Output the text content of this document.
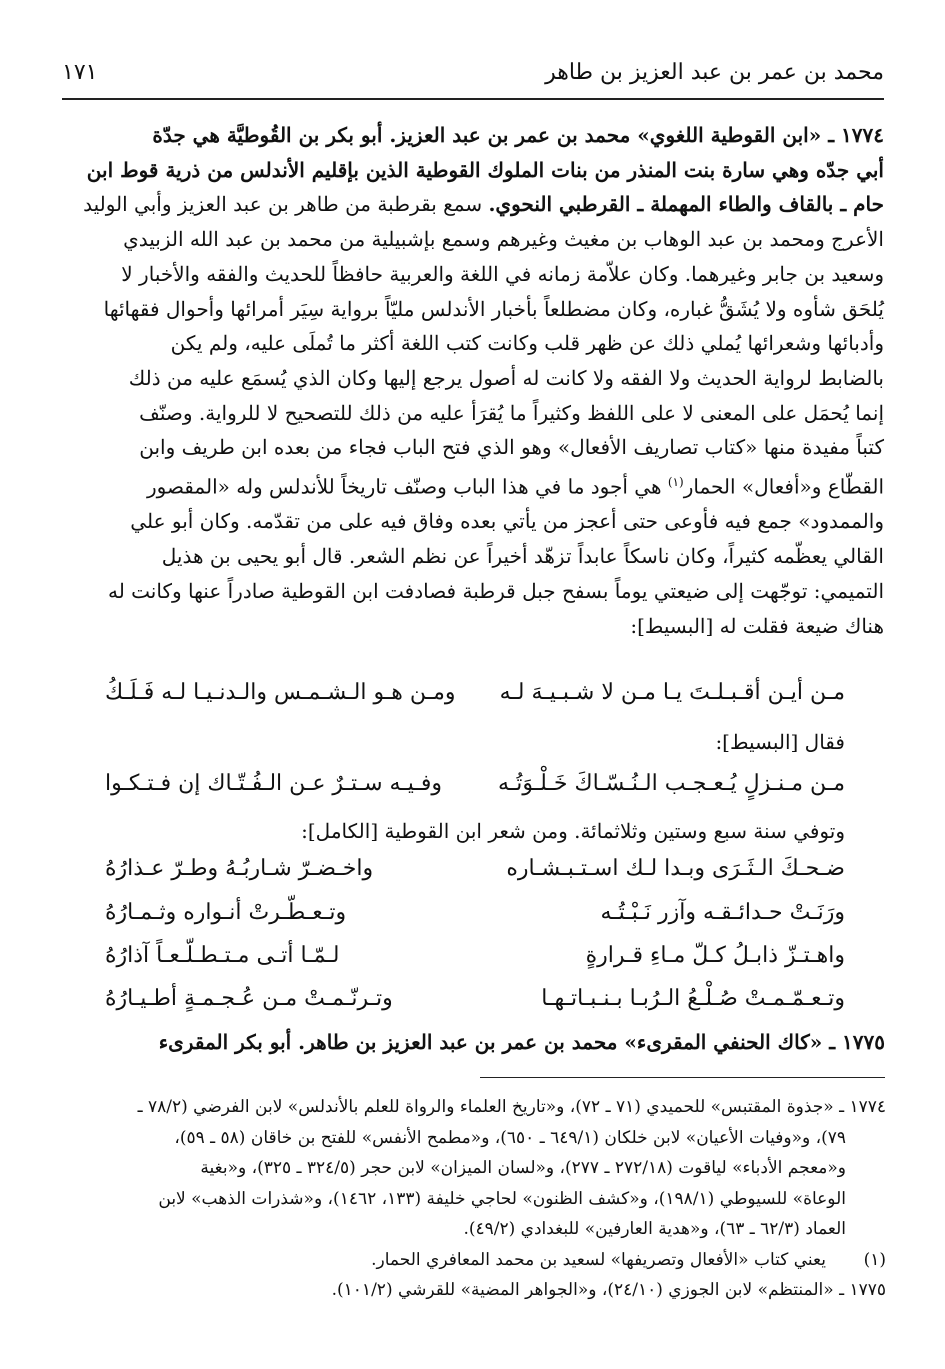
محمد بن عمر بن عبد العزيز بن طاهر
١٧١

١٧٧٤ ـ «ابن القوطية اللغوي» محمد بن عمر بن عبد العزيز. أبو بكر بن القُوطيَّة هي جدّة

أبي جدّه وهي سارة بنت المنذر من بنات الملوك القوطية الذين بإقليم الأندلس من ذرية قوط ابن

حام ـ بالقاف والطاء المهملة ـ القرطبي النحوي. سمع بقرطبة من طاهر بن عبد العزيز وأبي الوليد

الأعرج ومحمد بن عبد الوهاب بن مغيث وغيرهم وسمع بإشبيلية من محمد بن عبد الله الزبيدي

وسعيد بن جابر وغيرهما. وكان علاّمة زمانه في اللغة والعربية حافظاً للحديث والفقه والأخبار لا

يُلحَق شأوه ولا يُشَقُّ غباره، وكان مضطلعاً بأخبار الأندلس مليّاً برواية سِيَر أمرائها وأحوال فقهائها

وأدبائها وشعرائها يُملي ذلك عن ظهر قلب وكانت كتب اللغة أكثر ما تُملَى عليه، ولم يكن

بالضابط لرواية الحديث ولا الفقه ولا كانت له أصول يرجع إليها وكان الذي يُسمَع عليه من ذلك

إنما يُحمَل على المعنى لا على اللفظ وكثيراً ما يُقرَأ عليه من ذلك للتصحيح لا للرواية. وصنّف

كتباً مفيدة منها «كتاب تصاريف الأفعال» وهو الذي فتح الباب فجاء من بعده ابن طريف وابن

القطّاع و«أفعال» الحمار$^{(١)}$ هي أجود ما في هذا الباب وصنّف تاريخاً للأندلس وله «المقصور

والممدود» جمع فيه فأوعى حتى أعجز من يأتي بعده وفاق فيه على من تقدّمه. وكان أبو علي

القالي يعظّمه كثيراً، وكان ناسكاً عابداً تزهّد أخيراً عن نظم الشعر. قال أبو يحيى بن هذيل

التميمي: توجّهت إلى ضيعتي يوماً بسفح جبل قرطبة فصادفت ابن القوطية صادراً عنها وكانت له

هناك ضيعة فقلت له [البسيط]:

مـن أيـن أقـبـلـتَ يـا مـن لا شـبـيـهَ لـه
ومـن هـو الـشـمـس والـدنـيـا لـه فَـلَـكُ
فقال [البسيط]:
مـن مـنـزلٍ يُـعـجـب الـنُـسّـاكَ خَـلْـوَتُـه
وفـيـه سـتـرٌ عـن الـفُـتّـاك إن فـتـكـوا
وتوفي سنة سبع وستين وثلاثمائة. ومن شعر ابن القوطية [الكامل]:
ضـحـكَ الـثَـرَى وبـدا لـك اسـتـبـشـاره
واخـضـرّ شـاربُـهُ وطـرّ عـذارُهُ
ورَنَـتْ حـدائـقـه وآزر نَـبْـتُـه
وتـعـطّـرتْ أنـواره وثـمـارُهُ
واهـتـزّ ذابـلُ كـلّ مـاءِ قـرارةٍ
لـمّـا أتـى مـتـطـلّـعـاً آذارُهُ
وتـعـمّـمـتْ صُـلْـعُ الـرُبـا بـنـبـاتـهـا
وتـرنّـمـتْ مـن عُـجـمـةٍ أطـيـارُهُ
١٧٧٥ ـ «كاك الحنفي المقرىء» محمد بن عمر بن عبد العزيز بن طاهر. أبو بكر المقرىء

١٧٧٤ ـ «جذوة المقتبس» للحميدي (٧١ ـ ٧٢)، و«تاريخ العلماء والرواة للعلم بالأندلس» لابن الفرضي (٧٨/٢ ـ

٧٩)، و«وفيات الأعيان» لابن خلكان (٦٤٩/١ ـ ٦٥٠)، و«مطمح الأنفس» للفتح بن خاقان (٥٨ ـ ٥٩)،

و«معجم الأدباء» لياقوت (٢٧٢/١٨ ـ ٢٧٧)، و«لسان الميزان» لابن حجر (٣٢٤/٥ ـ ٣٢٥)، و«بغية

الوعاة» للسيوطي (١٩٨/١)، و«كشف الظنون» لحاجي خليفة (١٣٣، ١٤٦٢)، و«شذرات الذهب» لابن

العماد (٦٢/٣ ـ ٦٣)، و«هدية العارفين» للبغدادي (٤٩/٢).

(١)يعني كتاب «الأفعال وتصريفها» لسعيد بن محمد المعافري الحمار.

١٧٧٥ ـ «المنتظم» لابن الجوزي (٢٤/١٠)، و«الجواهر المضية» للقرشي (١٠١/٢).
